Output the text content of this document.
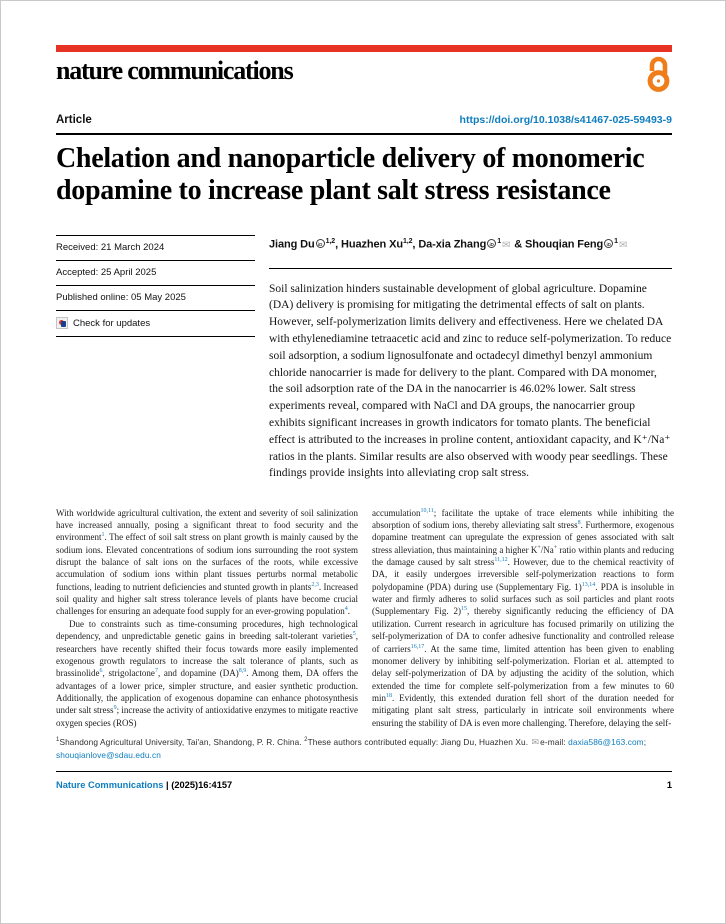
nature communications
Article	https://doi.org/10.1038/s41467-025-59493-9
Chelation and nanoparticle delivery of monomeric dopamine to increase plant salt stress resistance
Received: 21 March 2024
Accepted: 25 April 2025
Published online: 05 May 2025
Check for updates
Jiang Du iD $^{1,2}$, Huazhen Xu$^{1,2}$, Da-xia Zhang iD $^1$✉ & Shouqian Feng iD $^1$✉

Soil salinization hinders sustainable development of global agriculture. Dopamine (DA) delivery is promising for mitigating the detrimental effects of salt on plants. However, self-polymerization limits delivery and effectiveness. Here we chelated DA with ethylenediamine tetraacetic acid and zinc to reduce self-polymerization. To reduce soil adsorption, a sodium lignosulfonate and octadecyl dimethyl benzyl ammonium chloride nanocarrier is made for delivery to the plant. Compared with DA monomer, the soil adsorption rate of the DA in the nanocarrier is 46.02% lower. Salt stress experiments reveal, compared with NaCl and DA groups, the nanocarrier group exhibits significant increases in growth indicators for tomato plants. The beneficial effect is attributed to the increases in proline content, antioxidant capacity, and K⁺/Na⁺ ratios in the plants. Similar results are also observed with woody pear seedlings. These findings provide insights into alleviating crop salt stress.

With worldwide agricultural cultivation, the extent and severity of soil salinization have increased annually, posing a significant threat to food security and the environment$^1$. The effect of soil salt stress on plant growth is mainly caused by the sodium ions. Elevated concentrations of sodium ions surrounding the root system disrupt the balance of salt ions on the surfaces of the roots, while excessive accumulation of sodium ions within plant tissues perturbs normal metabolic functions, leading to nutrient deficiencies and stunted growth in plants$^{2,3}$. Increased soil quality and higher salt stress tolerance levels of plants have become crucial challenges for ensuring an adequate food supply for an ever-growing population$^4$.

Due to constraints such as time-consuming procedures, high technological dependency, and unpredictable genetic gains in breeding salt-tolerant varieties$^5$, researchers have recently shifted their focus towards more easily implemented exogenous growth regulators to increase the salt tolerance of plants, such as brassinolide$^6$, strigolactone$^7$, and dopamine (DA)$^{8,9}$. Among them, DA offers the advantages of a lower price, simpler structure, and easier synthetic production. Additionally, the application of exogenous dopamine can enhance photosynthesis under salt stress$^9$; increase the activity of antioxidative enzymes to mitigate reactive oxygen species (ROS)

accumulation$^{10,11}$; facilitate the uptake of trace elements while inhibiting the absorption of sodium ions, thereby alleviating salt stress$^8$. Furthermore, exogenous dopamine treatment can upregulate the expression of genes associated with salt stress alleviation, thus maintaining a higher K+/Na+ ratio within plants and reducing the damage caused by salt stress$^{11,12}$. However, due to the chemical reactivity of DA, it easily undergoes irreversible self-polymerization reactions to form polydopamine (PDA) during use (Supplementary Fig. 1)$^{13,14}$. PDA is insoluble in water and firmly adheres to solid surfaces such as soil particles and plant roots (Supplementary Fig. 2)$^{15}$, thereby significantly reducing the efficiency of DA utilization. Current research in agriculture has focused primarily on utilizing the self-polymerization of DA to confer adhesive functionality and controlled release of carriers$^{16,17}$. At the same time, limited attention has been given to enabling monomer delivery by inhibiting self-polymerization. Florian et al. attempted to delay self-polymerization of DA by adjusting the acidity of the solution, which extended the time for complete self-polymerization from a few minutes to 60 $\min^{18}$. Evidently, this extended duration fell short of the duration needed for mitigating plant salt stress, particularly in intricate soil environments where ensuring the stability of DA is even more challenging. Therefore, delaying the self-

$^1$Shandong Agricultural University, Tai'an, Shandong, P. R. China. $^2$These authors contributed equally: Jiang Du, Huazhen Xu. ✉e-mail: daxia586@163.com; shouqianlove@sdau.edu.cn
Nature Communications | (2025)16:4157	1
